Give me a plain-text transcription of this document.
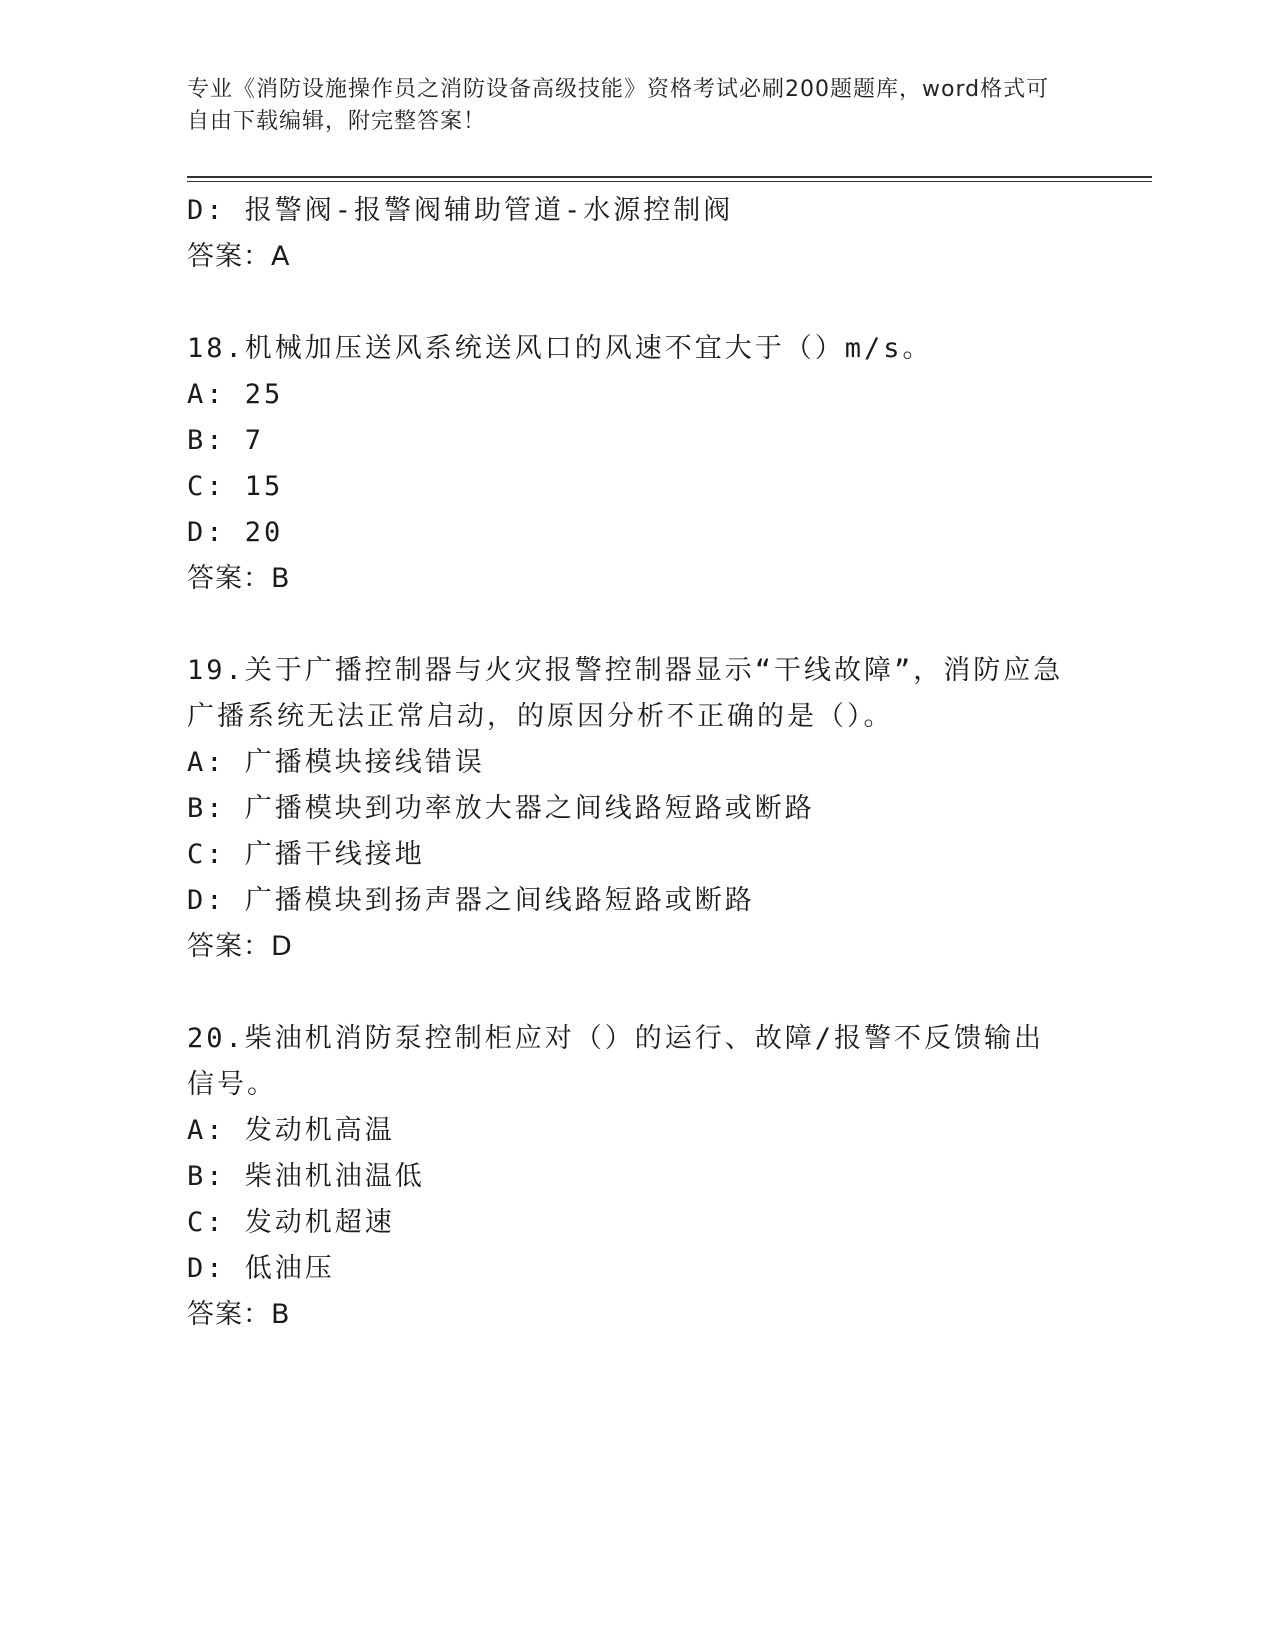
专业《消防设施操作员之消防设备高级技能》资格考试必刷200题题库，word格式可自由下载编辑，附完整答案！
D: 报警阀-报警阀辅助管道-水源控制阀
答案：A
18.机械加压送风系统送风口的风速不宜大于（）m/s。
A: 25
B: 7
C: 15
D: 20
答案：B
19.关于广播控制器与火灾报警控制器显示“干线故障”，消防应急广播系统无法正常启动，的原因分析不正确的是（）。
A: 广播模块接线错误
B: 广播模块到功率放大器之间线路短路或断路
C: 广播干线接地
D: 广播模块到扬声器之间线路短路或断路
答案：D
20.柴油机消防泵控制柜应对（）的运行、故障/报警不反馈输出信号。
A: 发动机高温
B: 柴油机油温低
C: 发动机超速
D: 低油压
答案：B
